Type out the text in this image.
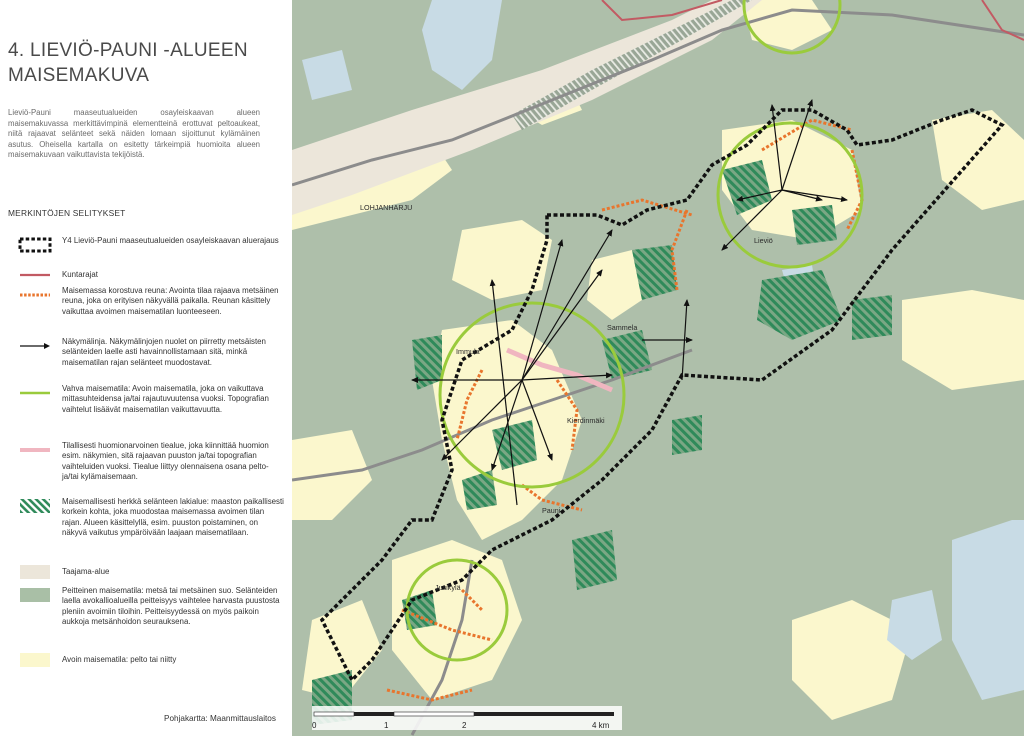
4. LIEVIÖ-PAUNI -ALUEEN
MAISEMAKUVA

Lieviö-Pauni maaseutualueiden osayleiskaavan alueen maisemakuvassa merkittävimpinä elementteinä erottuvat peltoaukeat, niitä rajaavat selänteet sekä näiden lomaan sijoittunut kylämäinen asutus. Oheisella kartalla on esitetty tärkeimpiä huomioita alueen maisemakuvaan vaikuttavista tekijöistä.

MERKINTÖJEN SELITYKSET
Y4 Lieviö-Pauni maaseutualueiden osayleiskaavan aluerajaus
Kuntarajat
Maisemassa korostuva reuna: Avointa tilaa rajaava metsäinen reuna, joka on erityisen näkyvällä paikalla. Reunan käsittely vaikuttaa avoimen maisematilan luonteeseen.
Näkymälinja. Näkymälinjojen nuolet on piirretty metsäisten selänteiden laelle asti havainnollistamaan sitä, minkä maisematilan rajan selänteet muodostavat.
Vahva maisematila: Avoin maisematila, joka on vaikuttava mittasuhteidensa ja/tai rajautuvuutensa vuoksi. Topografian vaihtelut lisäävät maisematilan vaikuttavuutta.
Tilallisesti huomionarvoinen tiealue, joka kiinnittää huomion esim. näkymien, sitä rajaavan puuston ja/tai topografian vaihteluiden vuoksi. Tiealue liittyy olennaisena osana pelto- ja/tai kylämaisemaan.
Maisemallisesti herkkä selänteen lakialue: maaston paikallisesti korkein kohta, joka muodostaa maisemassa avoimen tilan rajan. Alueen käsittelyllä, esim. puuston poistaminen, on näkyvä vaikutus ympäröivään laajaan maisematilaan.
Taajama-alue
Peitteinen maisematila: metsä tai metsäinen suo. Selänteiden laella avokallioalueilla peitteisyys vaihtelee harvasta puustosta pleniin avoimiin tiloihin. Peitteisyydessä on myös paikoin aukkoja metsänhoidon seurauksena.
Avoin maisematila: pelto tai niitty
Pohjakartta: Maanmittauslaitos
LOHJANHARJU
Lieviö
Immula
Sammela
Pauni
Jusikylä
Kierdinmäki
0	1	2	4 km
